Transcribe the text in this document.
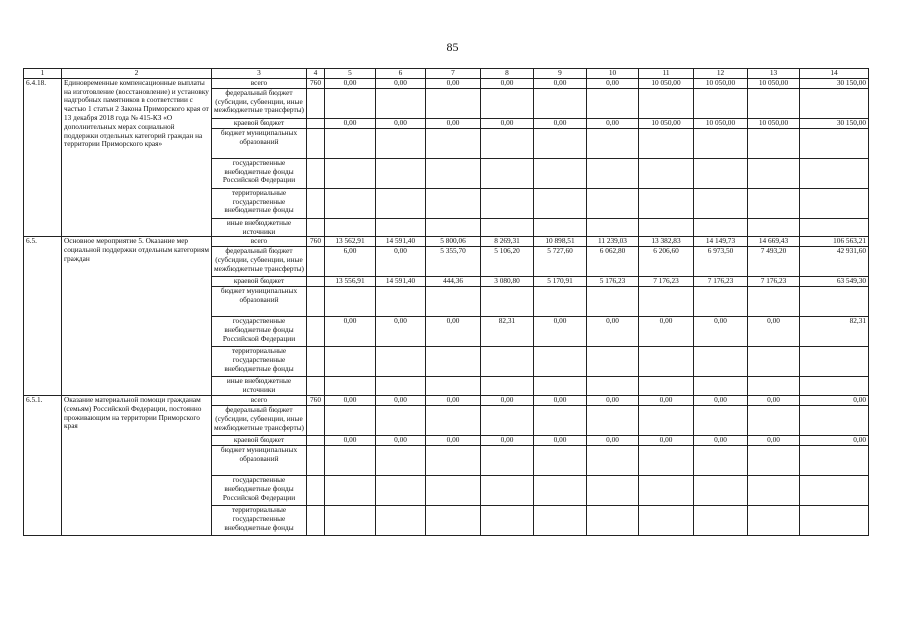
85
1	2	3	4	5	6	7	8	9	10	11	12	13	14
6.4.18.	Единовременные компенсационные выплаты на изготовление (восстановление) и установку надгробных памятников в соответствии с частью 1 статьи 2 Закона Приморского края от 13 декабря 2018 года № 415-КЗ «О дополнительных мерах социальной поддержки отдельных категорий граждан на территории Приморского края»	всего	760	0,00	0,00	0,00	0,00	0,00	0,00	10 050,00	10 050,00	10 050,00	30 150,00
		федеральный бюджет (субсидии, субвенции, иные межбюджетные трансферты)											
		краевой бюджет		0,00	0,00	0,00	0,00	0,00	0,00	10 050,00	10 050,00	10 050,00	30 150,00
		бюджет муниципальных образований											
		государственные внебюджетные фонды Российской Федерации											
		территориальные государственные внебюджетные фонды											
		иные внебюджетные источники											
6.5.	Основное мероприятие 5. Оказание мер социальной поддержки отдельным категориям граждан	всего	760	13 562,91	14 591,40	5 800,06	8 269,31	10 898,51	11 239,03	13 382,83	14 149,73	14 669,43	106 563,21
		федеральный бюджет (субсидии, субвенции, иные межбюджетные трансферты)		6,00	0,00	5 355,70	5 106,20	5 727,60	6 062,80	6 206,60	6 973,50	7 493,20	42 931,60
		краевой бюджет		13 556,91	14 591,40	444,36	3 080,80	5 170,91	5 176,23	7 176,23	7 176,23	7 176,23	63 549,30
		бюджет муниципальных образований											
		государственные внебюджетные фонды Российской Федерации		0,00	0,00	0,00	82,31	0,00	0,00	0,00	0,00	0,00	82,31
		территориальные государственные внебюджетные фонды											
		иные внебюджетные источники											
6.5.1.	Оказание материальной помощи гражданам (семьям) Российской Федерации, постоянно проживающим на территории Приморского края	всего	760	0,00	0,00	0,00	0,00	0,00	0,00	0,00	0,00	0,00	0,00
		федеральный бюджет (субсидии, субвенции, иные межбюджетные трансферты)											
		краевой бюджет		0,00	0,00	0,00	0,00	0,00	0,00	0,00	0,00	0,00	0,00
		бюджет муниципальных образований											
		государственные внебюджетные фонды Российской Федерации											
		территориальные государственные внебюджетные фонды											
